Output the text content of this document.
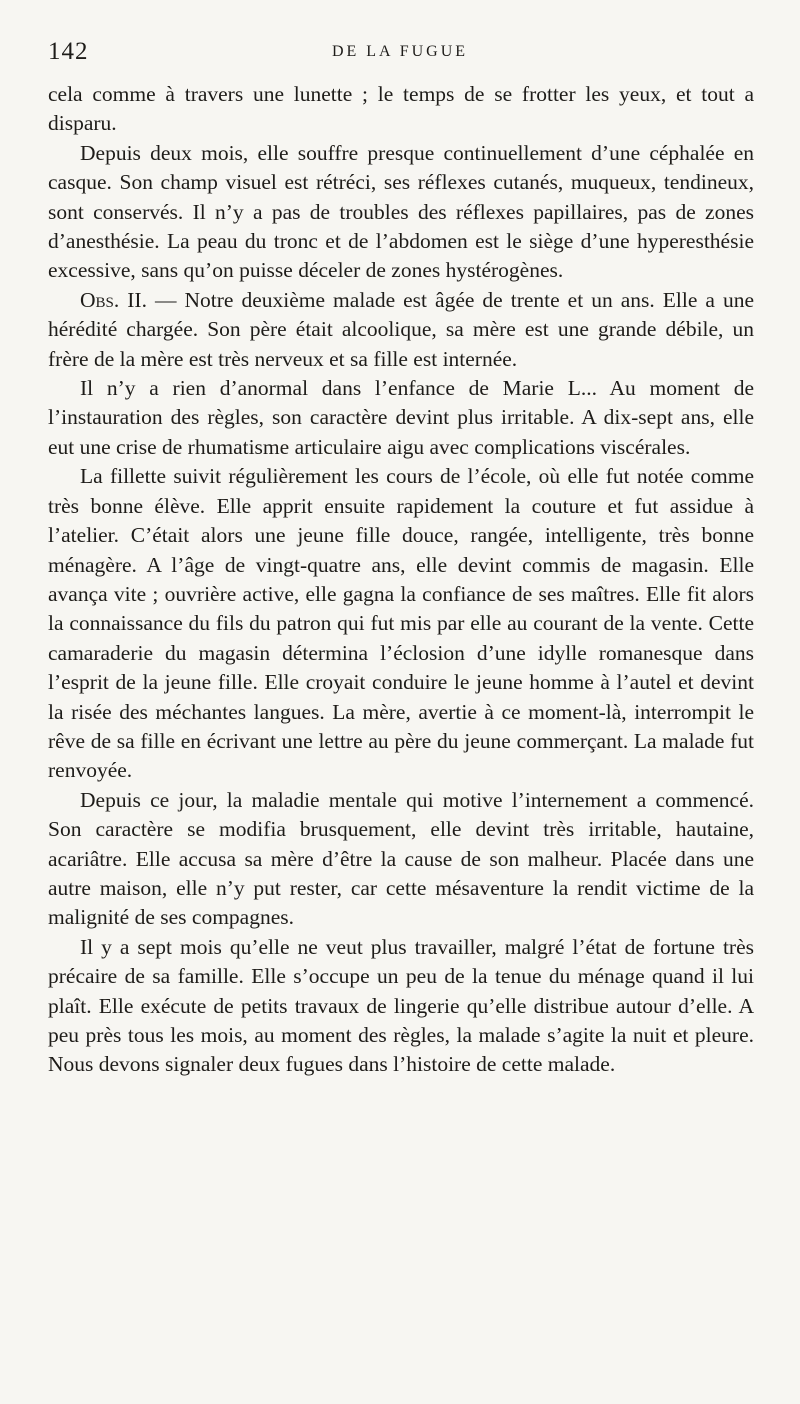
142	DE LA FUGUE

cela comme à travers une lunette ; le temps de se frotter les yeux, et tout a disparu.

Depuis deux mois, elle souffre presque continuellement d’une céphalée en casque. Son champ visuel est rétréci, ses réflexes cutanés, muqueux, tendineux, sont conservés. Il n’y a pas de troubles des réflexes papillaires, pas de zones d’anesthésie. La peau du tronc et de l’abdomen est le siège d’une hyperesthésie excessive, sans qu’on puisse déceler de zones hystérogènes.

Obs. II. — Notre deuxième malade est âgée de trente et un ans. Elle a une hérédité chargée. Son père était alcoolique, sa mère est une grande débile, un frère de la mère est très nerveux et sa fille est internée.

Il n’y a rien d’anormal dans l’enfance de Marie L... Au moment de l’instauration des règles, son caractère devint plus irritable. A dix-sept ans, elle eut une crise de rhumatisme articulaire aigu avec complications viscérales.

La fillette suivit régulièrement les cours de l’école, où elle fut notée comme très bonne élève. Elle apprit ensuite rapidement la couture et fut assidue à l’atelier. C’était alors une jeune fille douce, rangée, intelligente, très bonne ménagère. A l’âge de vingt-quatre ans, elle devint commis de magasin. Elle avança vite ; ouvrière active, elle gagna la confiance de ses maîtres. Elle fit alors la connaissance du fils du patron qui fut mis par elle au courant de la vente. Cette camaraderie du magasin détermina l’éclosion d’une idylle romanesque dans l’esprit de la jeune fille. Elle croyait conduire le jeune homme à l’autel et devint la risée des méchantes langues. La mère, avertie à ce moment-là, interrompit le rêve de sa fille en écrivant une lettre au père du jeune commerçant. La malade fut renvoyée.

Depuis ce jour, la maladie mentale qui motive l’internement a commencé. Son caractère se modifia brusquement, elle devint très irritable, hautaine, acariâtre. Elle accusa sa mère d’être la cause de son malheur. Placée dans une autre maison, elle n’y put rester, car cette mésaventure la rendit victime de la malignité de ses compagnes.

Il y a sept mois qu’elle ne veut plus travailler, malgré l’état de fortune très précaire de sa famille. Elle s’occupe un peu de la tenue du ménage quand il lui plaît. Elle exécute de petits travaux de lingerie qu’elle distribue autour d’elle. A peu près tous les mois, au moment des règles, la malade s’agite la nuit et pleure. Nous devons signaler deux fugues dans l’histoire de cette malade.
